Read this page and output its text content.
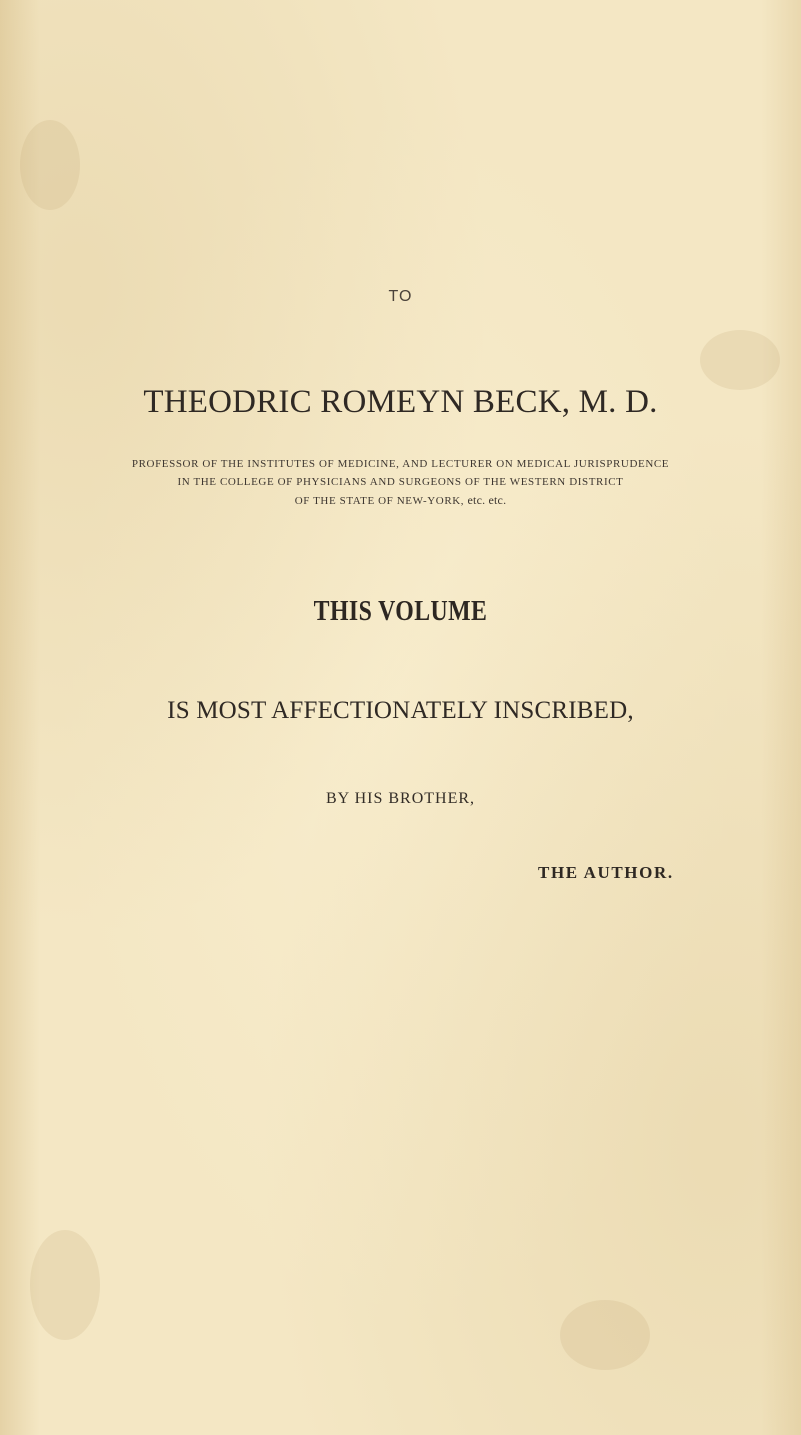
TO

THEODRIC ROMEYN BECK, M. D.
PROFESSOR OF THE INSTITUTES OF MEDICINE, AND LECTURER ON MEDICAL JURISPRUDENCE
IN THE COLLEGE OF PHYSICIANS AND SURGEONS OF THE WESTERN DISTRICT
OF THE STATE OF NEW-YORK, etc. etc.

THIS VOLUME

IS MOST AFFECTIONATELY INSCRIBED,

BY HIS BROTHER,

THE AUTHOR.
